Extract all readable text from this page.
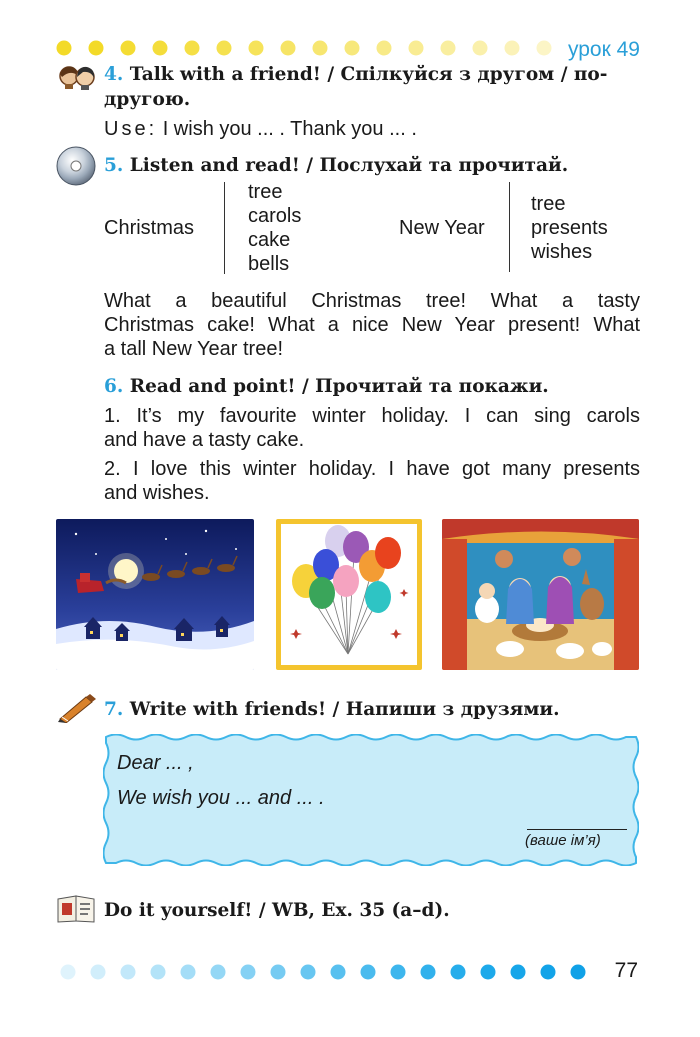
урок 49
4. Talk with a friend! / Спілкуйся з другом / по-
другою.
Use: I wish you ... . Thank you ... .
5. Listen and read! / Послухай та прочитай.
Christmas
tree
carols
cake
bells
New Year
tree
presents
wishes
What a beautiful Christmas tree! What a tasty
Christmas cake! What a nice New Year present! What
a tall New Year tree!
6. Read and point! / Прочитай та покажи.
1. It’s my favourite winter holiday. I can sing carols
and have a tasty cake.
2. I love this winter holiday. I have got many presents
and wishes.
7. Write with friends! / Напиши з друзями.
Dear ... ,
We wish you ... and ... .
(ваше ім’я)
Do it yourself! / WB, Ex. 35 (a–d).
77
